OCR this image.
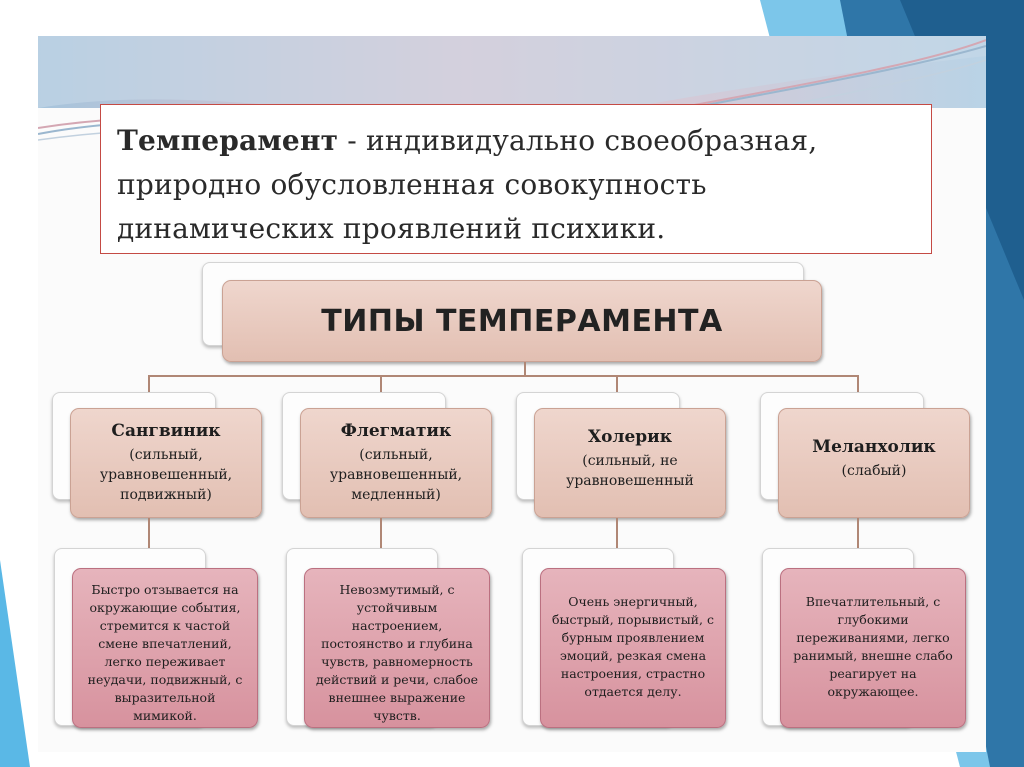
Темперамент - индивидуально своеобразная, природно обусловленная совокупность динамических проявлений психики.
ТИПЫ ТЕМПЕРАМЕНТА
Сангвиник
(сильный, уравновешенный, подвижный)
Быстро отзывается на окружающие события, стремится к частой смене впечатлений, легко переживает неудачи, подвижный, с выразительной мимикой.
Флегматик
(сильный, уравновешенный, медленный)
Невозмутимый, с устойчивым настроением, постоянство и глубина чувств, равномерность действий и речи, слабое внешнее выражение чувств.
Холерик
(сильный, не уравновешенный
Очень энергичный, быстрый, порывистый, с бурным проявлением эмоций, резкая смена настроения, страстно отдается делу.
Меланхолик
(слабый)
Впечатлительный, с глубокими переживаниями, легко ранимый, внешне слабо реагирует на окружающее.
